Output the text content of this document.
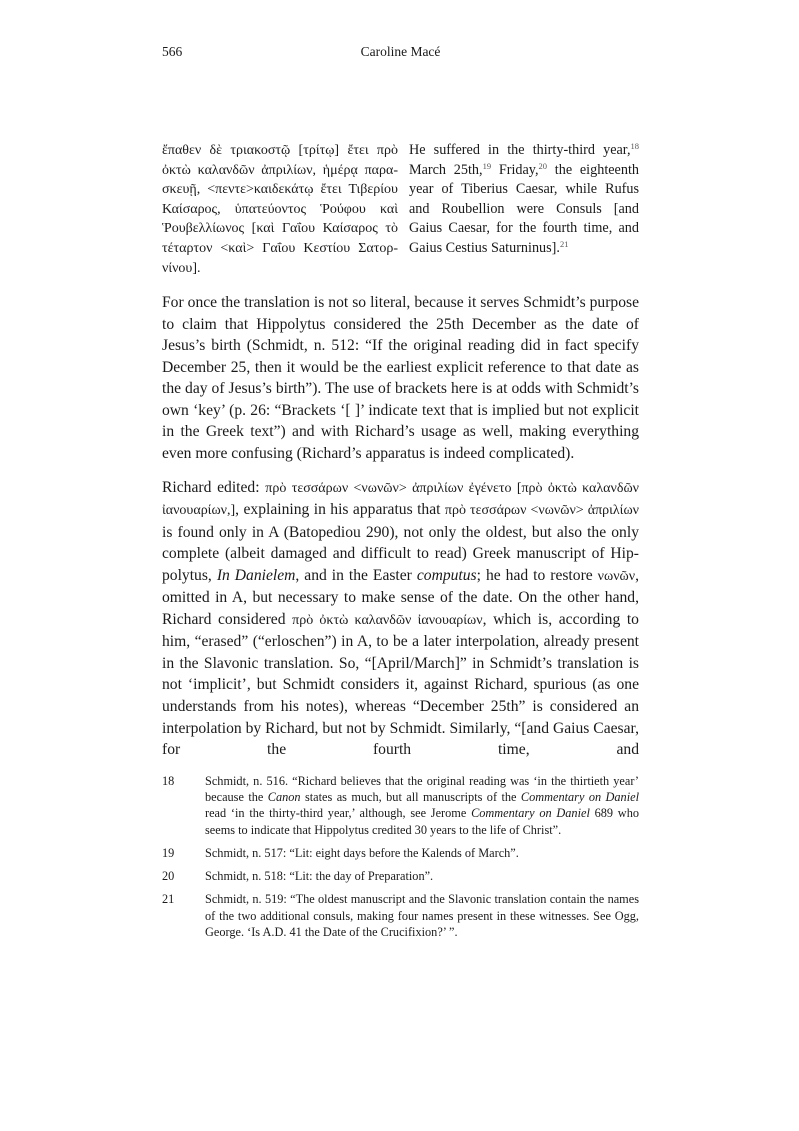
566	Caroline Macé
ἔπαθεν δὲ τριακοστῷ [τρίτῳ] ἔτει πρὸ ὀκτὼ καλανδῶν ἀπριλίων, ἡμέρᾳ παρασκευῇ, <πεντε>καιδεκάτῳ ἔτει Τιβερίου Καίσαρος, ὑπατεύοντος Ῥούφου καὶ Ῥουβελλίωνος [καὶ Γαΐου Καίσαρος τὸ τέταρτον <καὶ> Γαΐου Κεστίου Σατορνίνου].
He suffered in the thirty-third year,$^{18}$ March 25th,$^{19}$ Friday,$^{20}$ the eighteenth year of Tiberius Caesar, while Rufus and Roubellion were Consuls [and Gaius Caesar, for the fourth time, and Gaius Cestius Saturninus].$^{21}$

For once the translation is not so literal, because it serves Schmidt’s purpose to claim that Hippolytus considered the 25th December as the date of Jesus’s birth (Schmidt, n. 512: “If the original reading did in fact specify December 25, then it would be the earliest explicit reference to that date as the day of Jesus’s birth”). The use of brackets here is at odds with Schmidt’s own ‘key’ (p. 26: “Brackets ‘[ ]’ indicate text that is implied but not explicit in the Greek text”) and with Richard’s usage as well, making everything even more confusing (Richard’s apparatus is indeed complicated).

Richard edited: πρὸ τεσσάρων <νωνῶν> ἀπριλίων ἐγένετο [πρὸ ὀκτὼ καλανδῶν ἰανουαρίων,], explaining in his apparatus that πρὸ τεσσάρων <νωνῶν> ἀπριλίων is found only in A (Batopediou 290), not only the oldest, but also the only complete (albeit damaged and difficult to read) Greek manuscript of Hippolytus, In Danielem, and in the Easter computus; he had to restore νωνῶν, omitted in A, but necessary to make sense of the date. On the other hand, Richard considered πρὸ ὀκτὼ καλανδῶν ἰανουαρίων, which is, according to him, “erased” (“erloschen”) in A, to be a later interpolation, already present in the Slavonic translation. So, “[April/March]” in Schmidt’s translation is not ‘implicit’, but Schmidt considers it, against Richard, spurious (as one understands from his notes), whereas “December 25th” is considered an interpolation by Richard, but not by Schmidt. Similarly, “[and Gaius Caesar, for the fourth time, and

18	Schmidt, n. 516. “Richard believes that the original reading was ‘in the thirtieth year’ because the Canon states as much, but all manuscripts of the Commentary on Daniel read ‘in the thirty-third year,’ although, see Jerome Commentary on Daniel 689 who seems to indicate that Hippolytus credited 30 years to the life of Christ”.
19	Schmidt, n. 517: “Lit: eight days before the Kalends of March”.
20	Schmidt, n. 518: “Lit: the day of Preparation”.
21	Schmidt, n. 519: “The oldest manuscript and the Slavonic translation contain the names of the two additional consuls, making four names present in these witnesses. See Ogg, George. ‘Is A.D. 41 the Date of the Crucifixion?’ ”.
